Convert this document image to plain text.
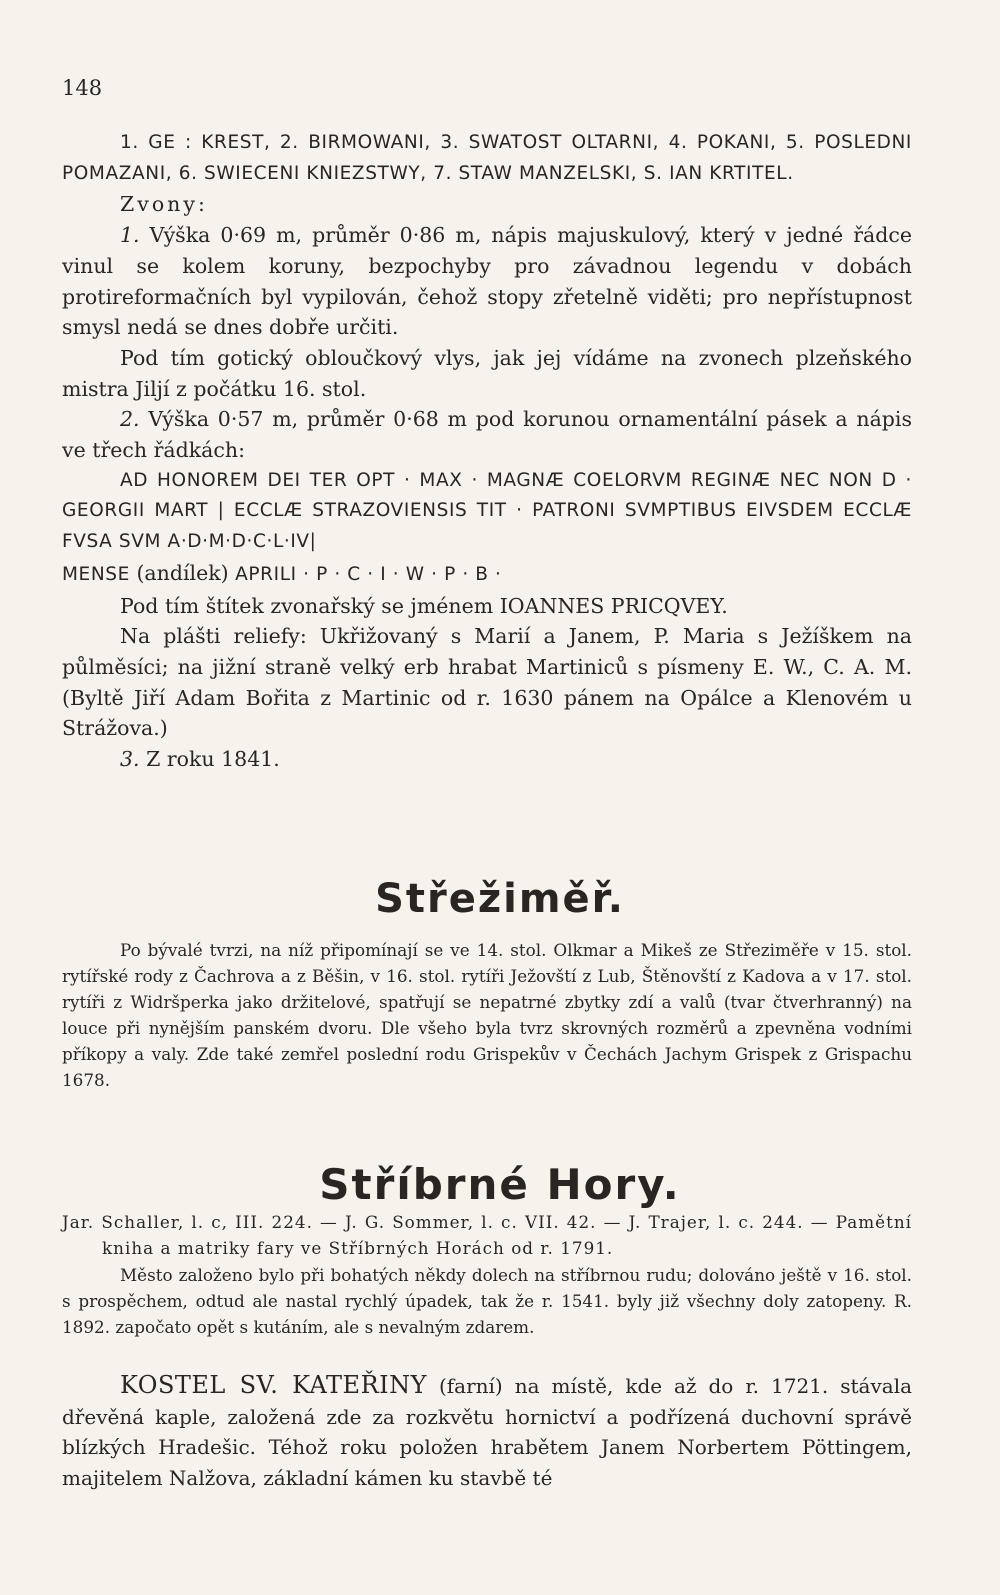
148

1. GE : KREST, 2. BIRMOWANI, 3. SWATOST OLTARNI, 4. POKANI, 5. POSLEDNI POMAZANI, 6. SWIECENI KNIEZSTWY, 7. STAW MANZELSKI, S. IAN KRTITEL.

Zvony:

1. Výška 0·69 m, průměr 0·86 m, nápis majuskulový, který v jedné řádce vinul se kolem koruny, bezpochyby pro závadnou legendu v dobách protireformačních byl vypilován, čehož stopy zřetelně viděti; pro nepřístupnost smysl nedá se dnes dobře určiti.

Pod tím gotický obloučkový vlys, jak jej vídáme na zvonech plzeňského mistra Jiljí z počátku 16. stol.

2. Výška 0·57 m, průměr 0·68 m pod korunou ornamentální pásek a nápis ve třech řádkách:

AD HONOREM DEI TER OPT · MAX · MAGNÆ COELORVM REGINÆ NEC NON D · GEORGII MART | ECCLÆ STRAZOVIENSIS TIT · PATRONI SVMPTIBUS EIVSDEM ECCLÆ FVSA SVM A·D·M·D·C·L·IV|

MENSE (andílek) APRILI · P · C · I · W · P · B ·

Pod tím štítek zvonařský se jménem IOANNES PRICQVEY.

Na plášti reliefy: Ukřižovaný s Marií a Janem, P. Maria s Ježíškem na půlměsíci; na jižní straně velký erb hrabat Martiniců s písmeny E. W., C. A. M. (Byltě Jiří Adam Bořita z Martinic od r. 1630 pánem na Opálce a Klenovém u Strážova.)

3. Z roku 1841.

Střežiměř.

Po bývalé tvrzi, na níž připomínají se ve 14. stol. Olkmar a Mikeš ze Střeziměře v 15. stol. rytířské rody z Čachrova a z Běšin, v 16. stol. rytíři Ježovští z Lub, Štěnovští z Kadova a v 17. stol. rytíři z Widršperka jako držitelové, spatřují se nepatrné zbytky zdí a valů (tvar čtverhranný) na louce při nynějším panském dvoru. Dle všeho byla tvrz skrovných rozměrů a zpevněna vodními příkopy a valy. Zde také zemřel poslední rodu Grispekův v Čechách Jachym Grispek z Grispachu 1678.

Stříbrné Hory.

Jar. Schaller, l. c, III. 224. — J. G. Sommer, l. c. VII. 42. — J. Trajer, l. c. 244. — Pamětní kniha a matriky fary ve Stříbrných Horách od r. 1791.

Město založeno bylo při bohatých někdy dolech na stříbrnou rudu; dolováno ještě v 16. stol. s prospěchem, odtud ale nastal rychlý úpadek, tak že r. 1541. byly již všechny doly zatopeny. R. 1892. započato opět s kutáním, ale s nevalným zdarem.

KOSTEL SV. KATEŘINY (farní) na místě, kde až do r. 1721. stávala dřevěná kaple, založená zde za rozkvětu hornictví a podřízená duchovní správě blízkých Hradešic. Téhož roku položen hrabětem Janem Norbertem Pöttingem, majitelem Nalžova, základní kámen ku stavbě té
